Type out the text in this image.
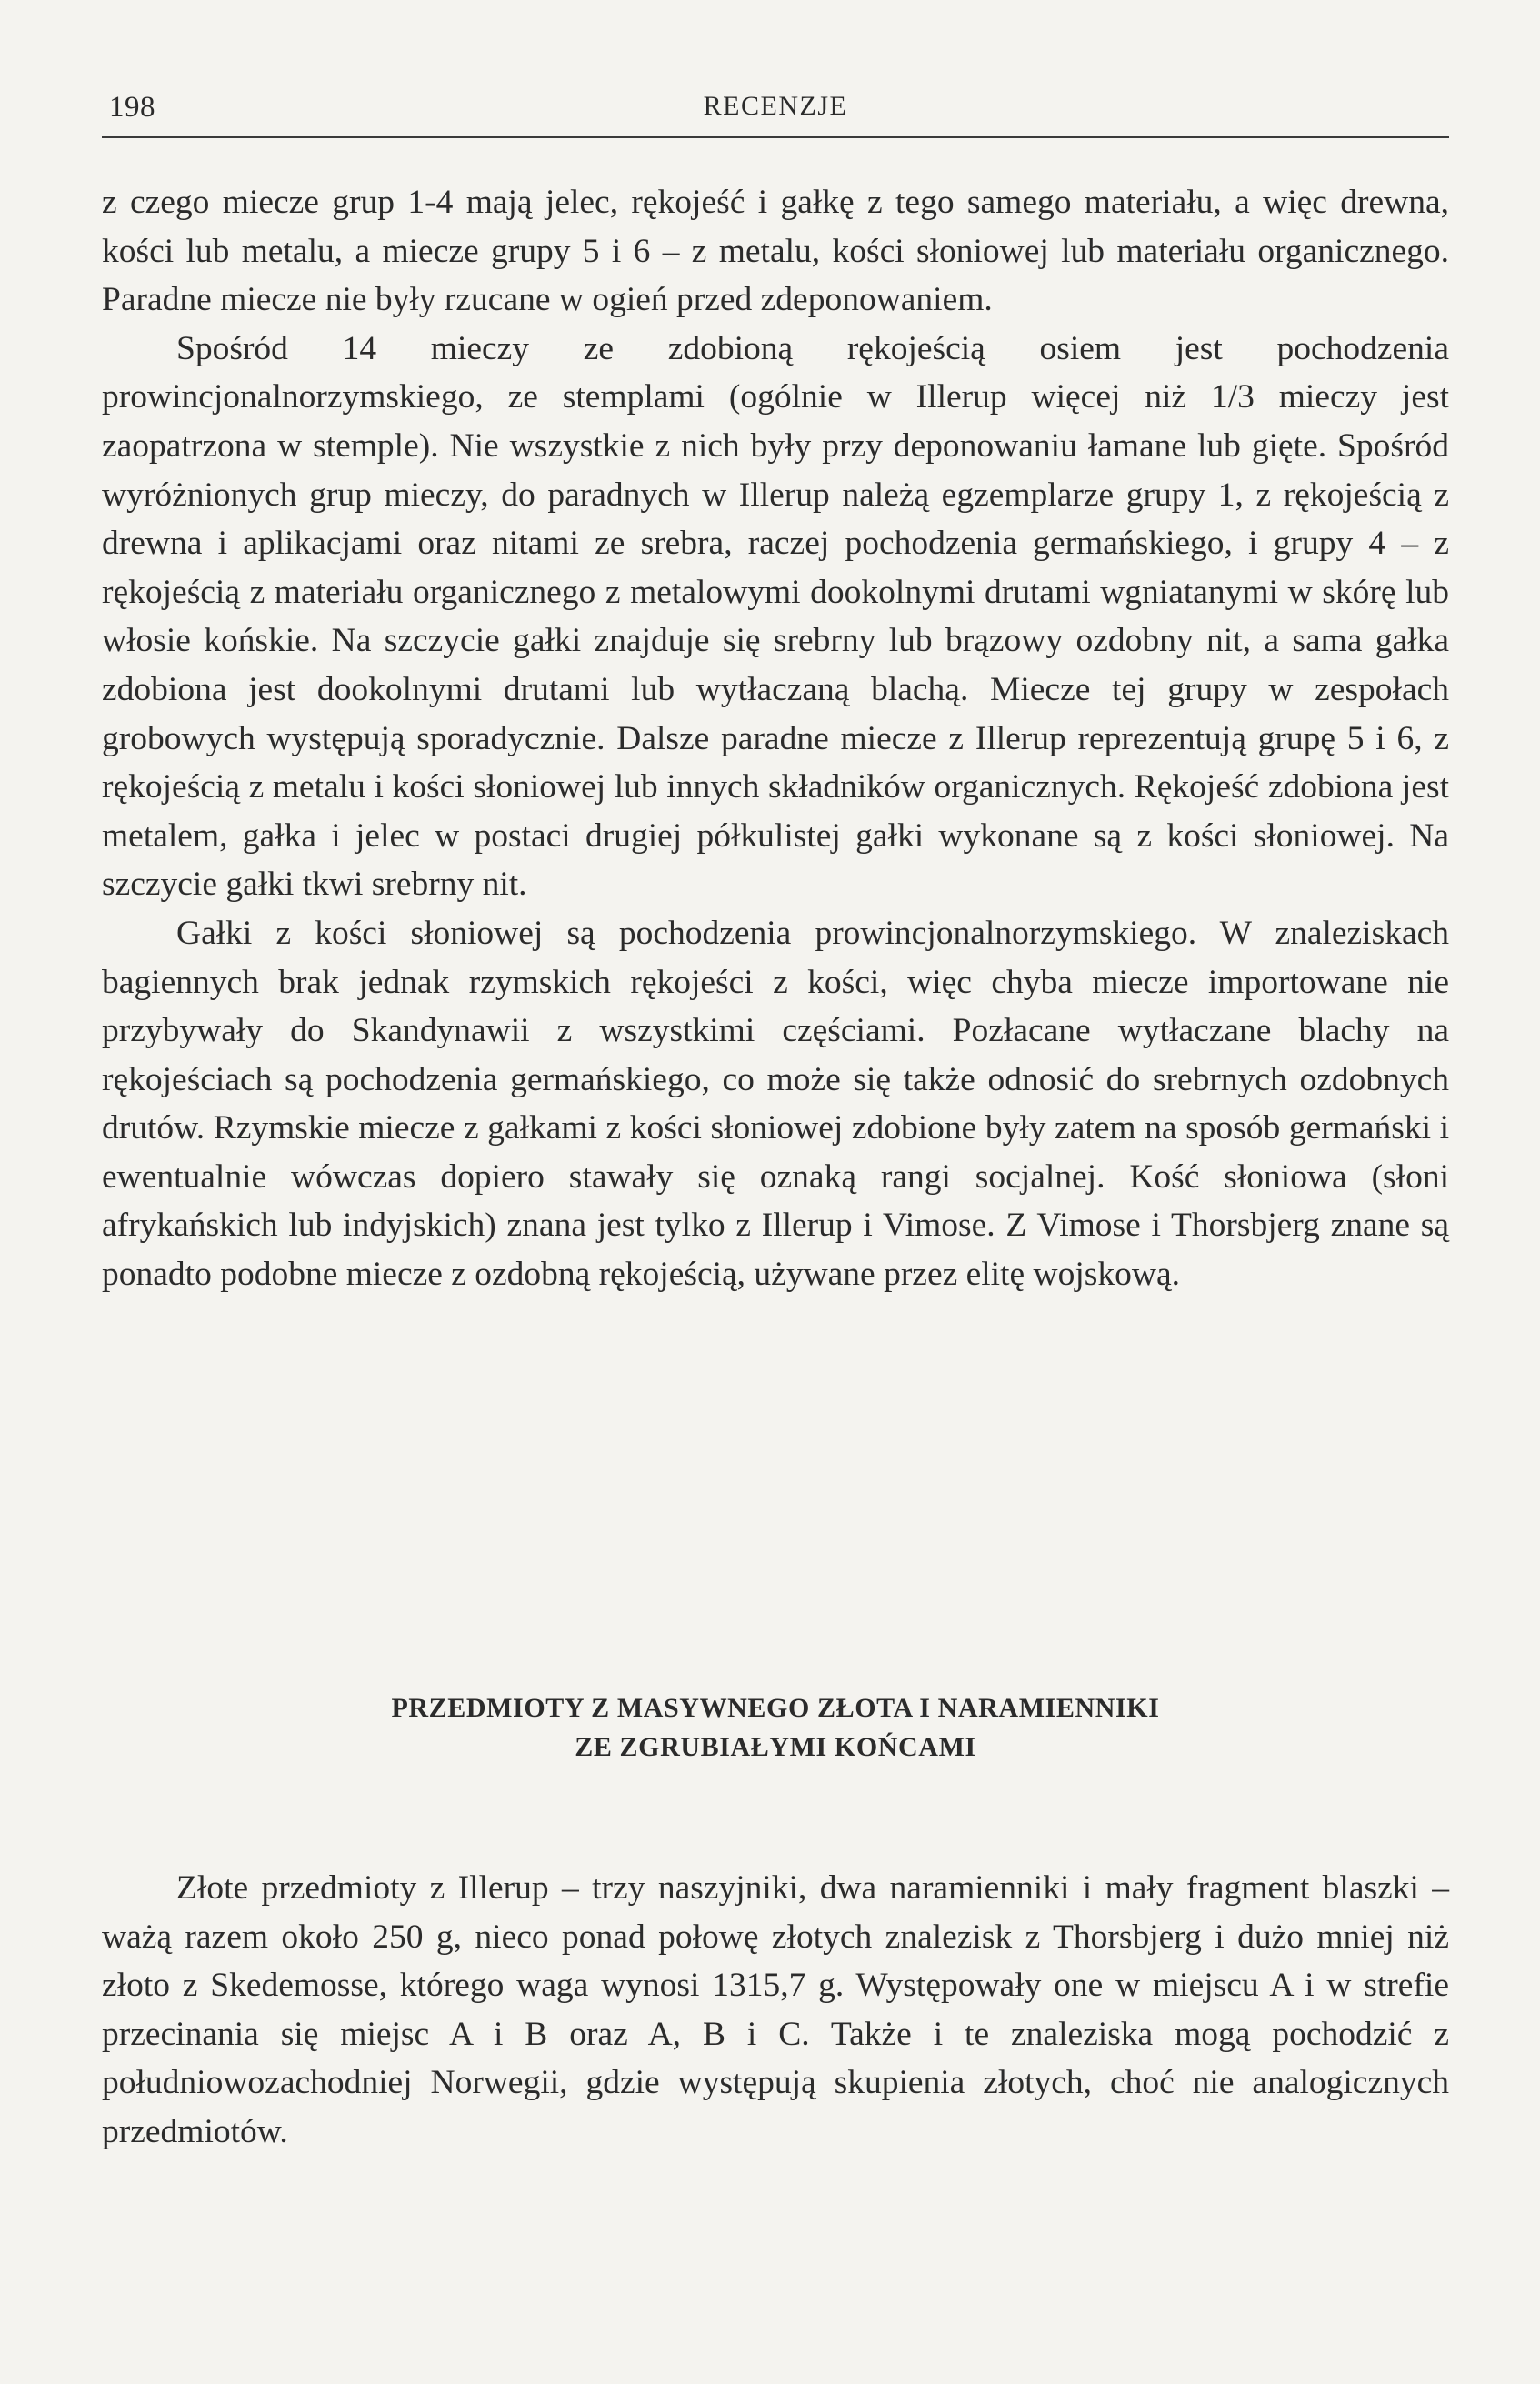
198	RECENZJE

z czego miecze grup 1-4 mają jelec, rękojeść i gałkę z tego samego materiału, a więc drewna, kości lub metalu, a miecze grupy 5 i 6 – z metalu, kości słoniowej lub materiału organicznego. Paradne miecze nie były rzucane w ogień przed zdeponowaniem.

Spośród 14 mieczy ze zdobioną rękojeścią osiem jest pochodzenia prowincjonalnorzymskiego, ze stemplami (ogólnie w Illerup więcej niż 1/3 mieczy jest zaopatrzona w stemple). Nie wszystkie z nich były przy deponowaniu łamane lub gięte. Spośród wyróżnionych grup mieczy, do paradnych w Illerup należą egzemplarze grupy 1, z rękojeścią z drewna i aplikacjami oraz nitami ze srebra, raczej pochodzenia germańskiego, i grupy 4 – z rękojeścią z materiału organicznego z metalowymi dookolnymi drutami wgniatanymi w skórę lub włosie końskie. Na szczycie gałki znajduje się srebrny lub brązowy ozdobny nit, a sama gałka zdobiona jest dookolnymi drutami lub wytłaczaną blachą. Miecze tej grupy w zespołach grobowych występują sporadycznie. Dalsze paradne miecze z Illerup reprezentują grupę 5 i 6, z rękojeścią z metalu i kości słoniowej lub innych składników organicznych. Rękojeść zdobiona jest metalem, gałka i jelec w postaci drugiej półkulistej gałki wykonane są z kości słoniowej. Na szczycie gałki tkwi srebrny nit.

Gałki z kości słoniowej są pochodzenia prowincjonalnorzymskiego. W znaleziskach bagiennych brak jednak rzymskich rękojeści z kości, więc chyba miecze importowane nie przybywały do Skandynawii z wszystkimi częściami. Pozłacane wytłaczane blachy na rękojeściach są pochodzenia germańskiego, co może się także odnosić do srebrnych ozdobnych drutów. Rzymskie miecze z gałkami z kości słoniowej zdobione były zatem na sposób germański i ewentualnie wówczas dopiero stawały się oznaką rangi socjalnej. Kość słoniowa (słoni afrykańskich lub indyjskich) znana jest tylko z Illerup i Vimose. Z Vimose i Thorsbjerg znane są ponadto podobne miecze z ozdobną rękojeścią, używane przez elitę wojskową.

PRZEDMIOTY Z MASYWNEGO ZŁOTA I NARAMIENNIKI
ZE ZGRUBIAŁYMI KOŃCAMI

Złote przedmioty z Illerup – trzy naszyjniki, dwa naramienniki i mały fragment blaszki – ważą razem około 250 g, nieco ponad połowę złotych znalezisk z Thorsbjerg i dużo mniej niż złoto z Skedemosse, którego waga wynosi 1315,7 g. Występowały one w miejscu A i w strefie przecinania się miejsc A i B oraz A, B i C. Także i te znaleziska mogą pochodzić z południowozachodniej Norwegii, gdzie występują skupienia złotych, choć nie analogicznych przedmiotów.
